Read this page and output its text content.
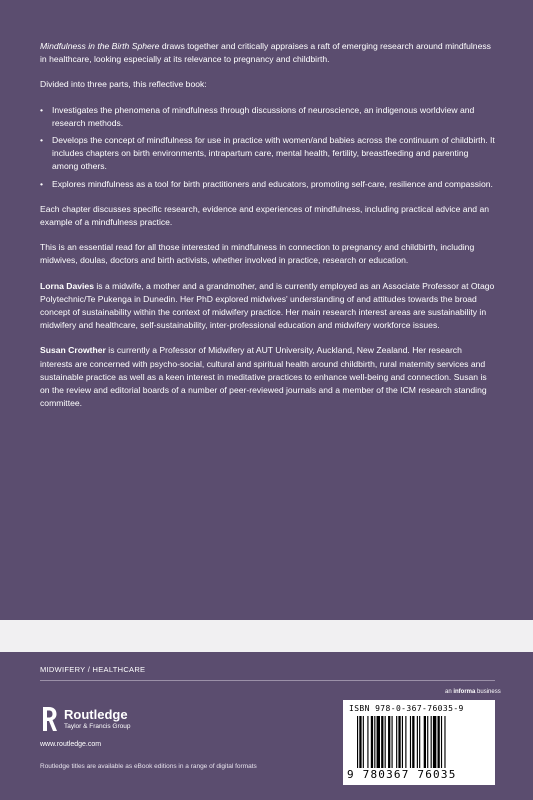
Mindfulness in the Birth Sphere draws together and critically appraises a raft of emerging research around mindfulness in healthcare, looking especially at its relevance to pregnancy and childbirth.

Divided into three parts, this reflective book:

• Investigates the phenomena of mindfulness through discussions of neuroscience, an indigenous worldview and research methods.
• Develops the concept of mindfulness for use in practice with women/and babies across the continuum of childbirth. It includes chapters on birth environments, intrapartum care, mental health, fertility, breastfeeding and parenting among others.
• Explores mindfulness as a tool for birth practitioners and educators, promoting self-care, resilience and compassion.

Each chapter discusses specific research, evidence and experiences of mindfulness, including practical advice and an example of a mindfulness practice.

This is an essential read for all those interested in mindfulness in connection to pregnancy and childbirth, including midwives, doulas, doctors and birth activists, whether involved in practice, research or education.

Lorna Davies is a midwife, a mother and a grandmother, and is currently employed as an Associate Professor at Otago Polytechnic/Te Pukenga in Dunedin. Her PhD explored midwives' understanding of and attitudes towards the broad concept of sustainability within the context of midwifery practice. Her main research interest areas are sustainability in midwifery and healthcare, self-sustainability, inter-professional education and midwifery workforce issues.

Susan Crowther is currently a Professor of Midwifery at AUT University, Auckland, New Zealand. Her research interests are concerned with psycho-social, cultural and spiritual health around childbirth, rural maternity services and sustainable practice as well as a keen interest in meditative practices to enhance well-being and connection. Susan is on the review and editorial boards of a number of peer-reviewed journals and a member of the ICM research standing committee.

MIDWIFERY / HEALTHCARE
Routledge
Taylor & Francis Group
www.routledge.com
Routledge titles are available as eBook editions in a range of digital formats
an informa business
ISBN 978-0-367-76035-9
9 780367 76035
